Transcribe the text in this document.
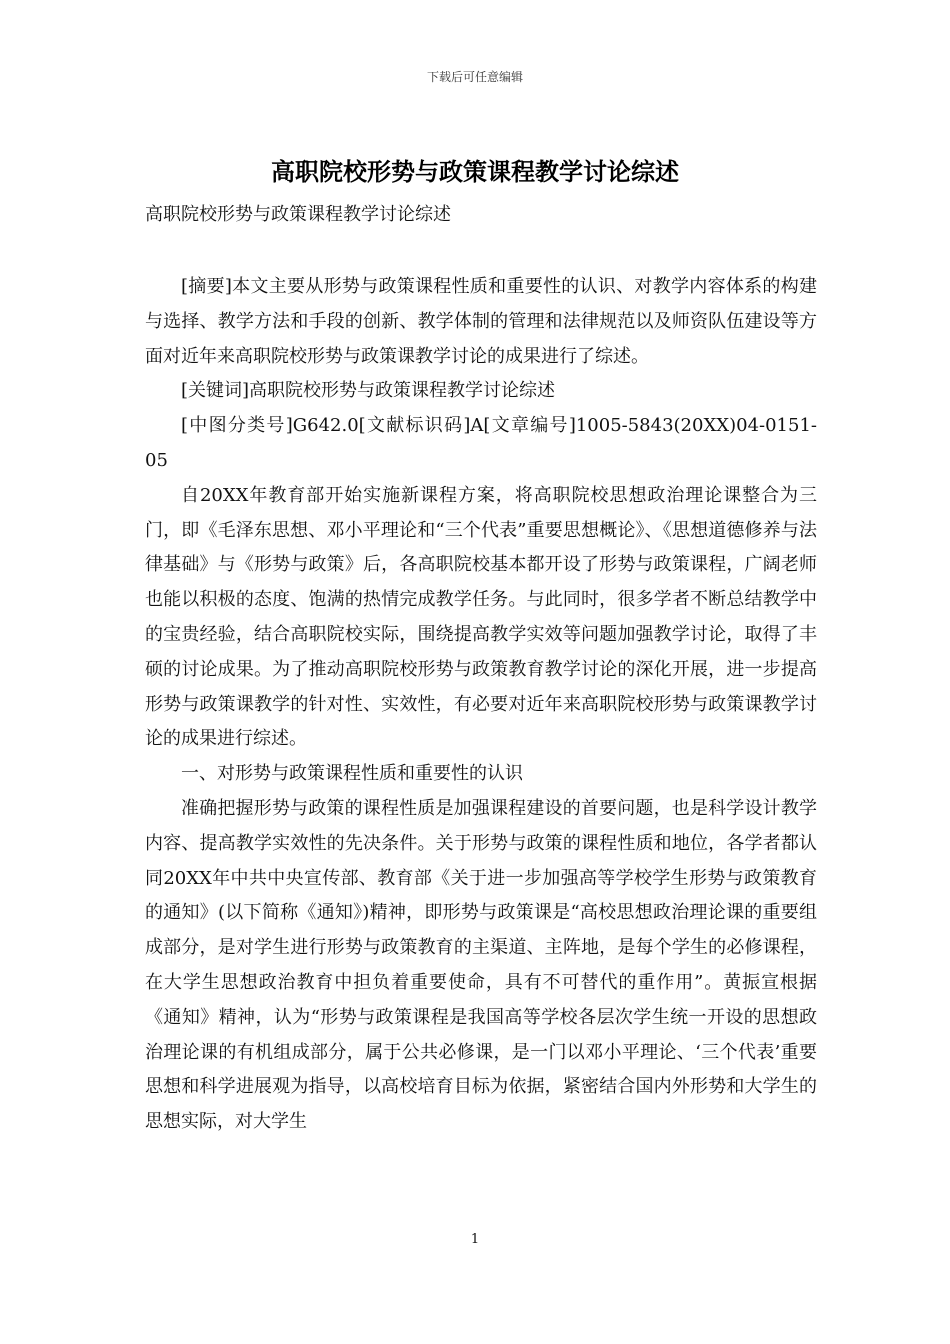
下载后可任意编辑
高职院校形势与政策课程教学讨论综述
高职院校形势与政策课程教学讨论综述

[摘要]本文主要从形势与政策课程性质和重要性的认识、对教学内容体系的构建与选择、教学方法和手段的创新、教学体制的管理和法律规范以及师资队伍建设等方面对近年来高职院校形势与政策课教学讨论的成果进行了综述。

[关键词]高职院校形势与政策课程教学讨论综述

[中图分类号]G642.0[文献标识码]A[文章编号]1005-5843(20XX)04-0151-05

自20XX年教育部开始实施新课程方案，将高职院校思想政治理论课整合为三门，即《毛泽东思想、邓小平理论和“三个代表”重要思想概论》、《思想道德修养与法律基础》与《形势与政策》后，各高职院校基本都开设了形势与政策课程，广阔老师也能以积极的态度、饱满的热情完成教学任务。与此同时，很多学者不断总结教学中的宝贵经验，结合高职院校实际，围绕提高教学实效等问题加强教学讨论，取得了丰硕的讨论成果。为了推动高职院校形势与政策教育教学讨论的深化开展，进一步提高形势与政策课教学的针对性、实效性，有必要对近年来高职院校形势与政策课教学讨论的成果进行综述。

一、对形势与政策课程性质和重要性的认识

准确把握形势与政策的课程性质是加强课程建设的首要问题，也是科学设计教学内容、提高教学实效性的先决条件。关于形势与政策的课程性质和地位，各学者都认同20XX年中共中央宣传部、教育部《关于进一步加强高等学校学生形势与政策教育的通知》(以下简称《通知》)精神，即形势与政策课是“高校思想政治理论课的重要组成部分，是对学生进行形势与政策教育的主渠道、主阵地，是每个学生的必修课程，在大学生思想政治教育中担负着重要使命，具有不可替代的重作用”。黄振宣根据《通知》精神，认为“形势与政策课程是我国高等学校各层次学生统一开设的思想政治理论课的有机组成部分，属于公共必修课，是一门以邓小平理论、‘三个代表’重要思想和科学进展观为指导，以高校培育目标为依据，紧密结合国内外形势和大学生的思想实际，对大学生

1
